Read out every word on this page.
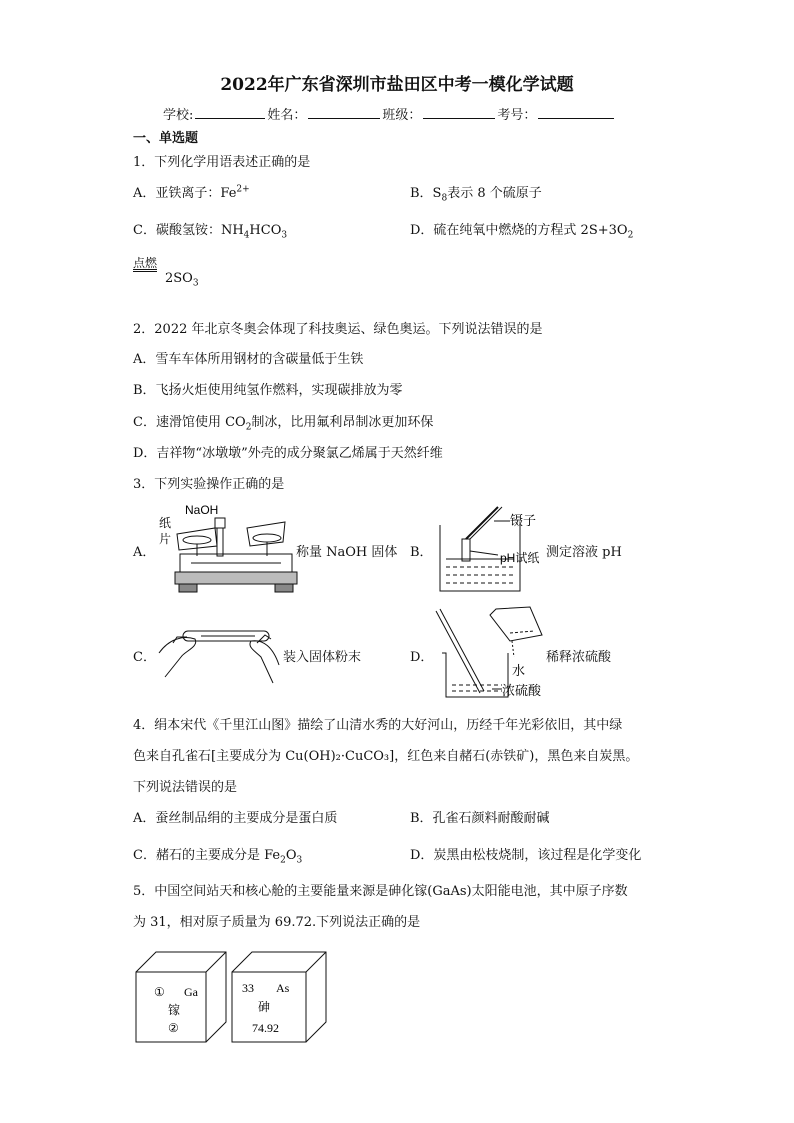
2022年广东省深圳市盐田区中考一模化学试题
学校:	姓名：	班级：	考号：
一、单选题
1．下列化学用语表述正确的是
A．亚铁离子：$Fe^{2+}$	B．$S_8$表示 8 个硫原子
C．碳酸氢铵：$NH_4HCO_3$	D．硫在纯氧中燃烧的方程式 $2S+3O_2$
点燃
$2SO_3$
2．2022 年北京冬奥会体现了科技奥运、绿色奥运。下列说法错误的是
A．雪车车体所用钢材的含碳量低于生铁
B．飞扬火炬使用纯氢作燃料，实现碳排放为零
C．速滑馆使用 $CO_2$制冰，比用氟利昂制冰更加环保
D．吉祥物“冰墩墩”外壳的成分聚氯乙烯属于天然纤维
3．下列实验操作正确的是
A．
NaOH
纸
片
称量 NaOH 固体 B．
镊子
pH试纸 测定溶液 pH
C．	装入固体粉末	D．
水
浓硫酸
稀释浓硫酸
4．绢本宋代《千里江山图》描绘了山清水秀的大好河山，历经千年光彩依旧，其中绿
色来自孔雀石[主要成分为 Cu(OH)₂·CuCO₃]，红色来自赭石(赤铁矿)，黑色来自炭黑。
下列说法错误的是
A．蚕丝制品绢的主要成分是蛋白质	B．孔雀石颜料耐酸耐碱
C．赭石的主要成分是 $Fe_2O_3$	D．炭黑由松枝烧制，该过程是化学变化
5．中国空间站天和核心舱的主要能量来源是砷化镓(GaAs)太阳能电池，其中原子序数
为 31，相对原子质量为 69.72.下列说法正确的是
① Ga
镓
②
33 As
砷
74.92
